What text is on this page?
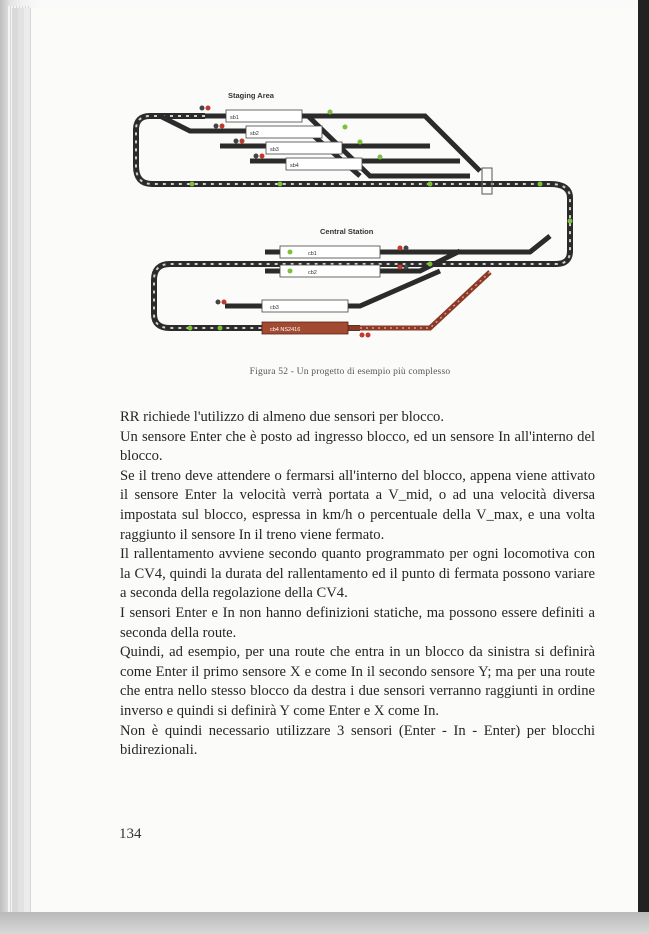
Staging Area
sb1
sb2
sb3
sb4
Central Station
cb1
cb2
cb3
cb4 NS2416
Figura 52 - Un progetto di esempio più complesso

RR richiede l'utilizzo di almeno due sensori per blocco.

Un sensore Enter che è posto ad ingresso blocco, ed un sensore In all'interno del blocco.

Se il treno deve attendere o fermarsi all'interno del blocco, appena viene attivato il sensore Enter la velocità verrà portata a V_mid, o ad una velocità diversa impostata sul blocco, espressa in km/h o percentuale della V_max, e una volta raggiunto il sensore In il treno viene fermato.

Il rallentamento avviene secondo quanto programmato per ogni locomotiva con la CV4, quindi la durata del rallentamento ed il punto di fermata possono variare a seconda della regolazione della CV4.

I sensori Enter e In non hanno definizioni statiche, ma possono essere definiti a seconda della route.

Quindi, ad esempio, per una route che entra in un blocco da sinistra si definirà come Enter il primo sensore X e come In il secondo sensore Y; ma per una route che entra nello stesso blocco da destra i due sensori verranno raggiunti in ordine inverso e quindi si definirà Y come Enter e X come In.

Non è quindi necessario utilizzare 3 sensori (Enter - In - Enter) per blocchi bidirezionali.

134
